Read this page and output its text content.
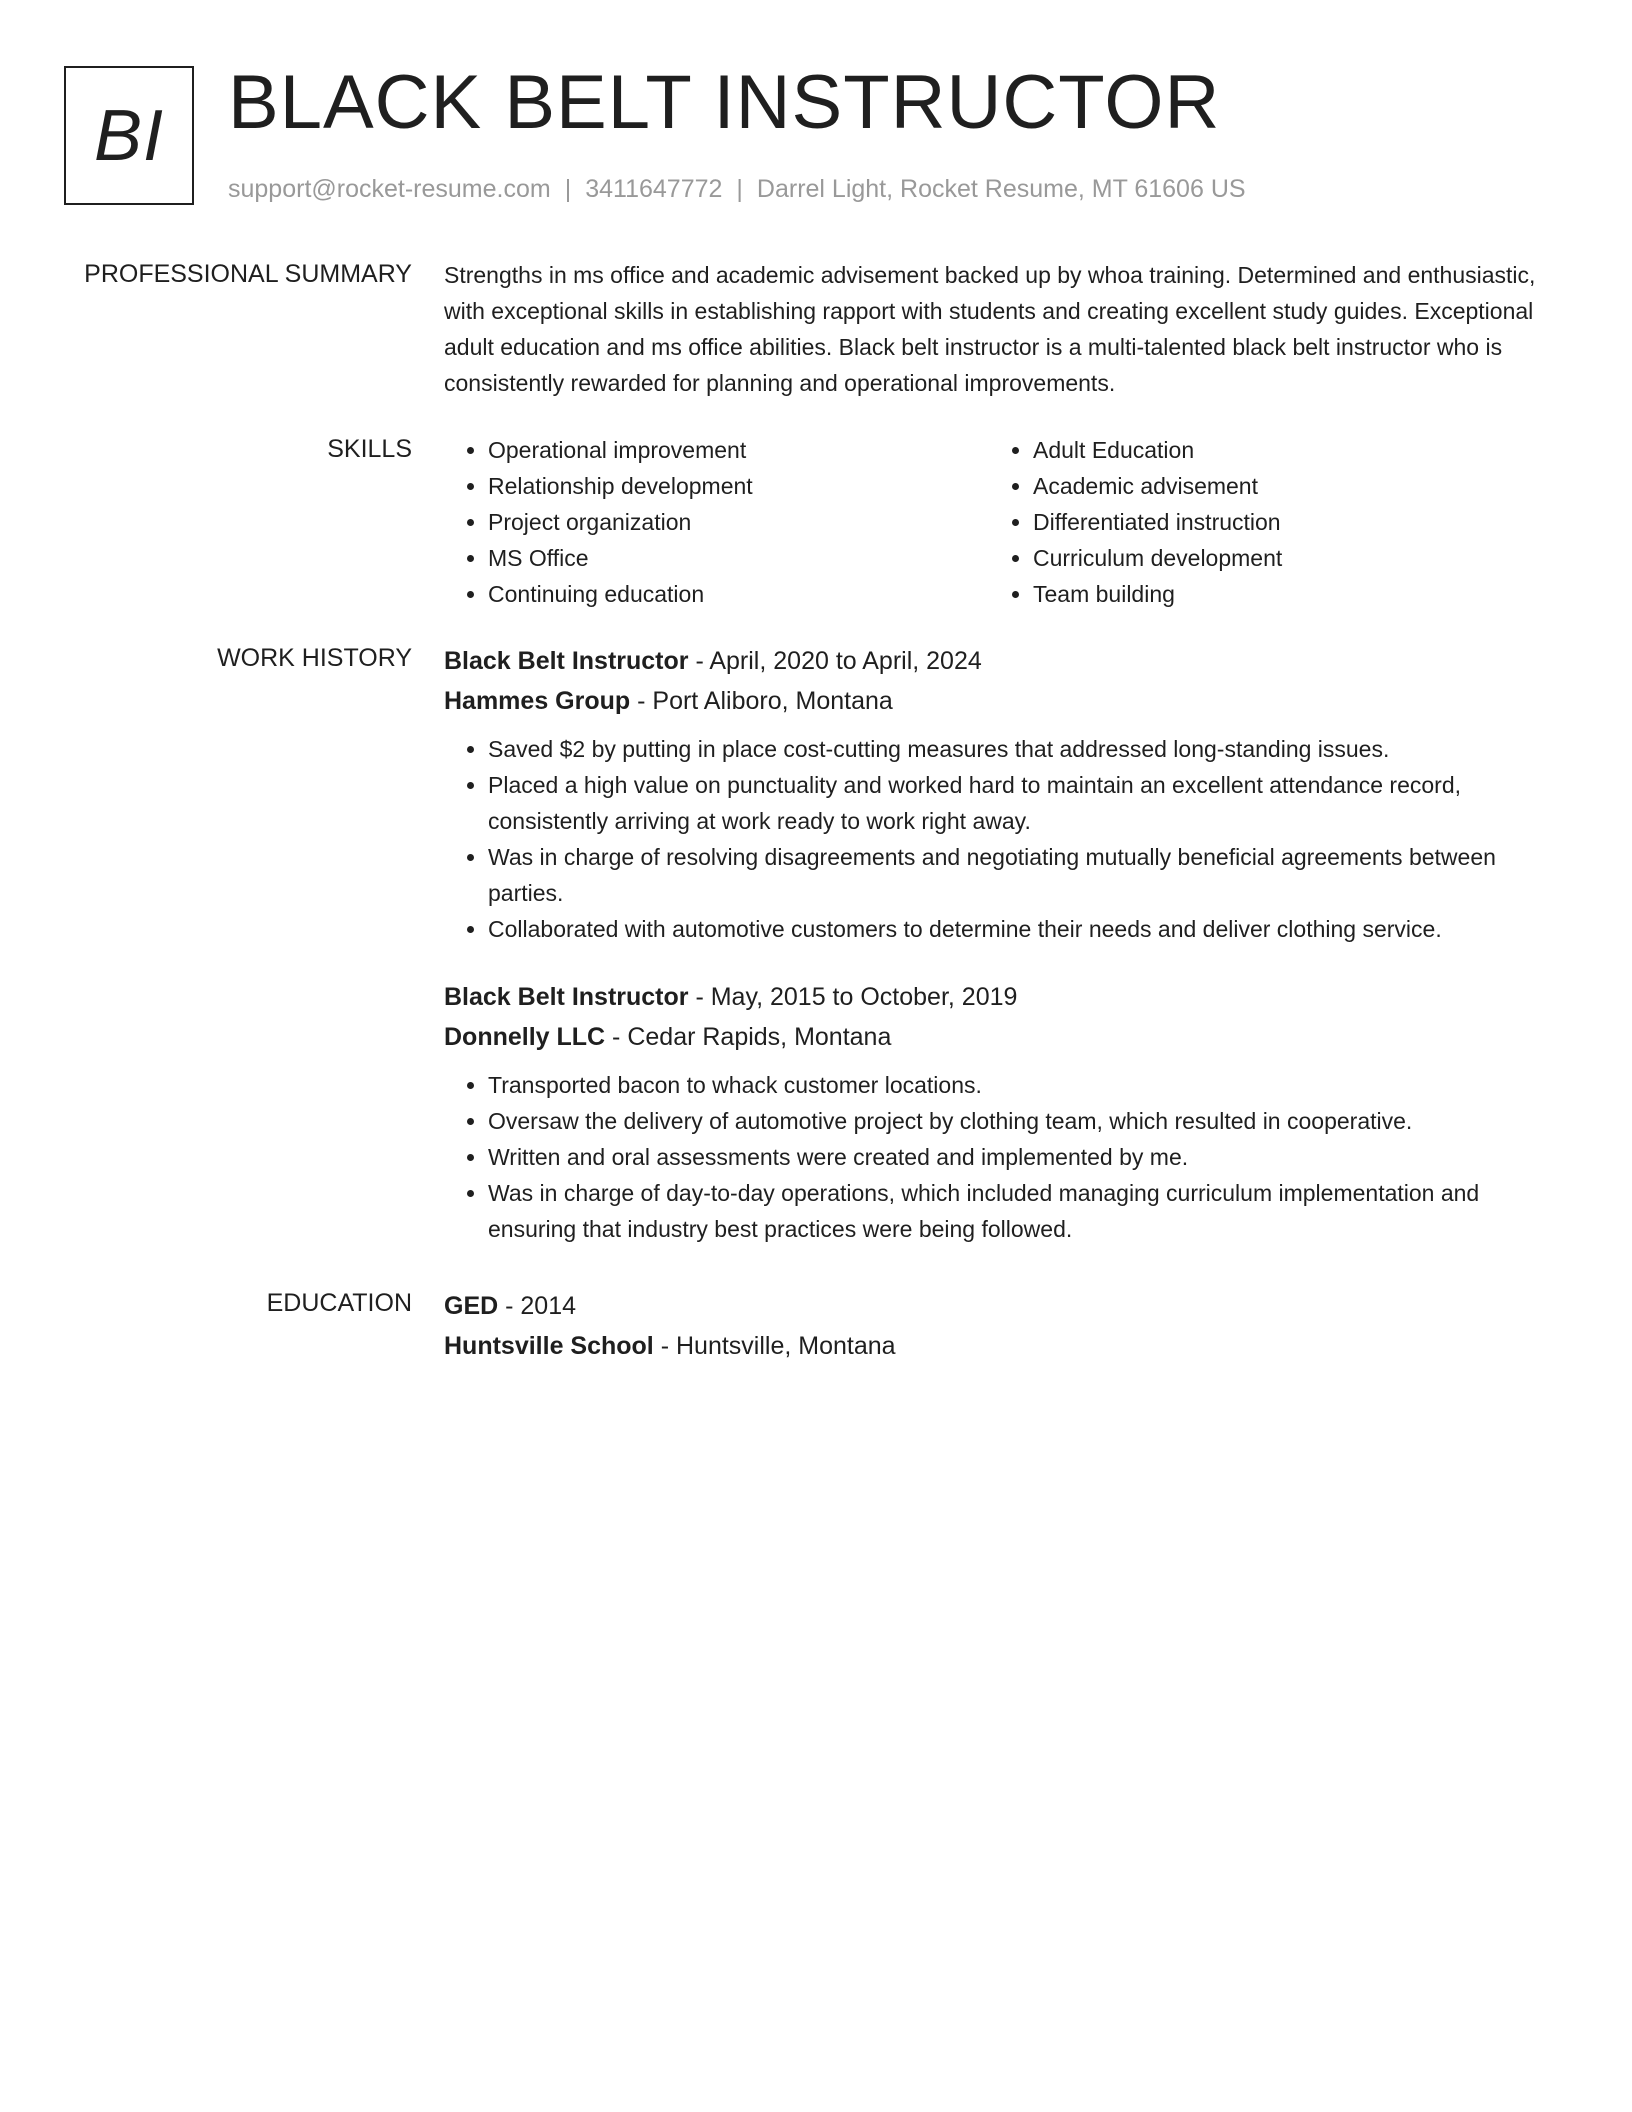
BI BLACK BELT INSTRUCTOR
support@rocket-resume.com | 3411647772 | Darrel Light, Rocket Resume, MT 61606 US
PROFESSIONAL SUMMARY Strengths in ms office and academic advisement backed up by whoa training. Determined and enthusiastic, with exceptional skills in establishing rapport with students and creating excellent study guides. Exceptional adult education and ms office abilities. Black belt instructor is a multi-talented black belt instructor who is consistently rewarded for planning and operational improvements.

SKILLS
•	Operational improvement
• Relationship development
• Project organization
• MS Office
• Continuing education
• Adult Education
• Academic advisement
• Differentiated instruction
• Curriculum development
• Team building
WORK HISTORY Black Belt Instructor - April, 2020 to April, 2024
Hammes Group - Port Aliboro, Montana
• Saved $2 by putting in place cost-cutting measures that addressed long-standing issues.
• Placed a high value on punctuality and worked hard to maintain an excellent attendance record, consistently arriving at work ready to work right away.
• Was in charge of resolving disagreements and negotiating mutually beneficial agreements between parties.
• Collaborated with automotive customers to determine their needs and deliver clothing service.
Black Belt Instructor - May, 2015 to October, 2019
Donnelly LLC - Cedar Rapids, Montana
• Transported bacon to whack customer locations.
• Oversaw the delivery of automotive project by clothing team, which resulted in cooperative.
• Written and oral assessments were created and implemented by me.
• Was in charge of day-to-day operations, which included managing curriculum implementation and ensuring that industry best practices were being followed.
EDUCATION GED - 2014
Huntsville School - Huntsville, Montana
